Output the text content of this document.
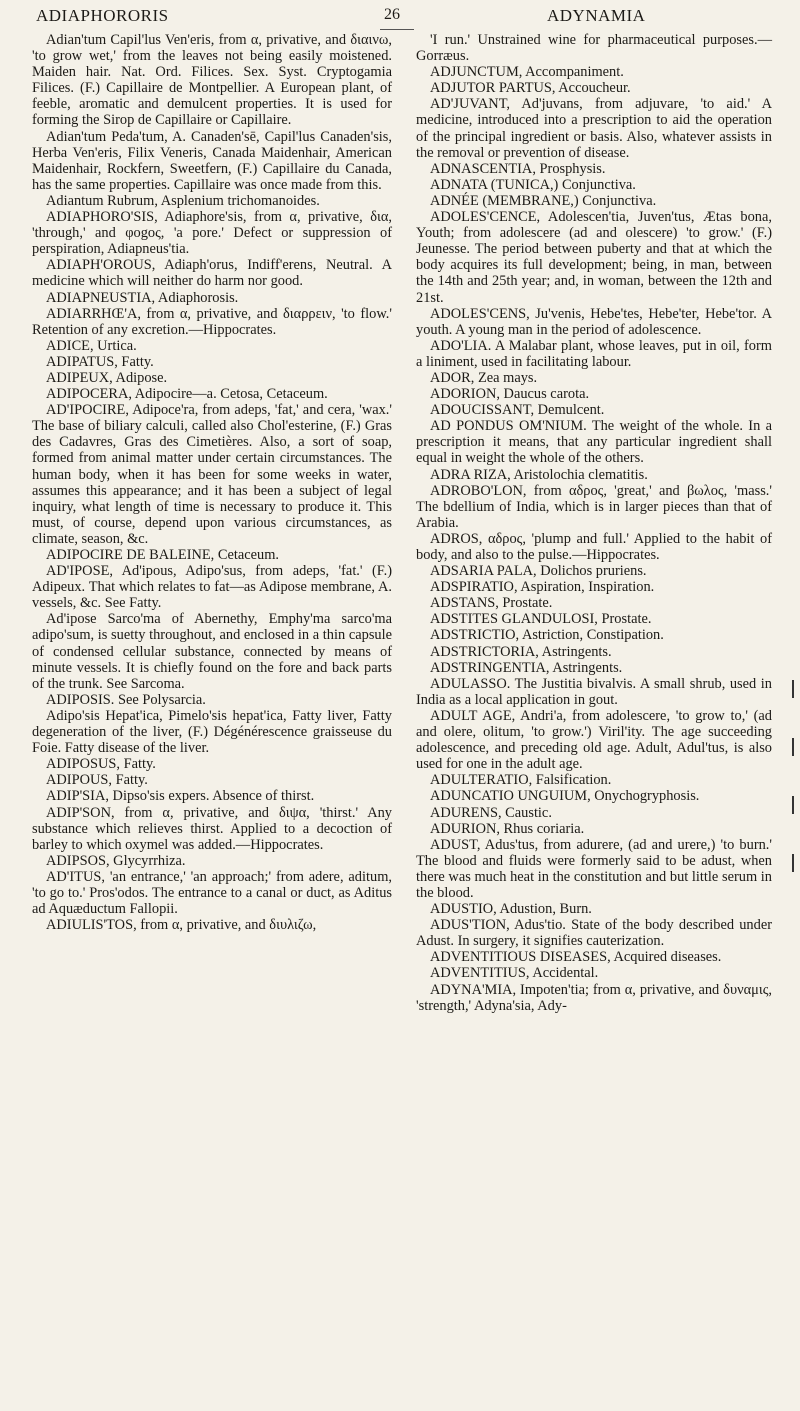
ADIAPHORORIS	26	ADYNAMIA
Adian'tum Capil'lus Ven'eris, from α, privative, and διαινω, 'to grow wet,' from the leaves not being easily moistened. Maiden hair. Nat. Ord. Filices. Sex. Syst. Cryptogamia Filices. (F.) Capillaire de Montpellier. A European plant, of feeble, aromatic and demulcent properties. It is used for forming the Sirop de Capillaire or Capillaire.
Adian'tum Peda'tum, A. Canaden'sē, Capil'lus Canaden'sis, Herba Ven'eris, Filix Veneris, Canada Maidenhair, American Maidenhair, Rockfern, Sweetfern, (F.) Capillaire du Canada, has the same properties. Capillaire was once made from this.
Adiantum Rubrum, Asplenium trichomanoides.
ADIAPHORO'SIS, Adiaphore'sis, from α, privative, δια, 'through,' and φοgος, 'a pore.' Defect or suppression of perspiration, Adiapneus'tia.
ADIAPH'OROUS, Adiaph'orus, Indiff'erens, Neutral. A medicine which will neither do harm nor good.
ADIAPNEUSTIA, Adiaphorosis.
ADIARRHŒ'A, from α, privative, and διαρρειν, 'to flow.' Retention of any excretion.—Hippocrates.
ADICE, Urtica.
ADIPATUS, Fatty.
ADIPEUX, Adipose.
ADIPOCERA, Adipocire—a. Cetosa, Cetaceum.
AD'IPOCIRE, Adipoce'ra, from adeps, 'fat,' and cera, 'wax.' The base of biliary calculi, called also Chol'esterine, (F.) Gras des Cadavres, Gras des Cimetières. Also, a sort of soap, formed from animal matter under certain circumstances. The human body, when it has been for some weeks in water, assumes this appearance; and it has been a subject of legal inquiry, what length of time is necessary to produce it. This must, of course, depend upon various circumstances, as climate, season, &c.
ADIPOCIRE DE BALEINE, Cetaceum.
AD'IPOSE, Ad'ipous, Adipo'sus, from adeps, 'fat.' (F.) Adipeux. That which relates to fat—as Adipose membrane, A. vessels, &c. See Fatty.
Ad'ipose Sarco'ma of Abernethy, Emphy'ma sarco'ma adipo'sum, is suetty throughout, and enclosed in a thin capsule of condensed cellular substance, connected by means of minute vessels. It is chiefly found on the fore and back parts of the trunk. See Sarcoma.
ADIPOSIS. See Polysarcia.
Adipo'sis Hepat'ica, Pimelo'sis hepat'ica, Fatty liver, Fatty degeneration of the liver, (F.) Dégénérescence graisseuse du Foie. Fatty disease of the liver.
ADIPOSUS, Fatty.
ADIPOUS, Fatty.
ADIP'SIA, Dipso'sis expers. Absence of thirst.
ADIP'SON, from α, privative, and διψα, 'thirst.' Any substance which relieves thirst. Applied to a decoction of barley to which oxymel was added.—Hippocrates.
ADIPSOS, Glycyrrhiza.
AD'ITUS, 'an entrance,' 'an approach;' from adere, aditum, 'to go to.' Pros'odos. The entrance to a canal or duct, as Aditus ad Aquæductum Fallopii.
ADIULIS'TOS, from α, privative, and διυλιζω,
'I run.' Unstrained wine for pharmaceutical purposes.—Gorræus.
ADJUNCTUM, Accompaniment.
ADJUTOR PARTUS, Accoucheur.
AD'JUVANT, Ad'juvans, from adjuvare, 'to aid.' A medicine, introduced into a prescription to aid the operation of the principal ingredient or basis. Also, whatever assists in the removal or prevention of disease.
ADNASCENTIA, Prosphysis.
ADNATA (TUNICA,) Conjunctiva.
ADNÉE (MEMBRANE,) Conjunctiva.
ADOLES'CENCE, Adolescen'tia, Juven'tus, Ætas bona, Youth; from adolescere (ad and olescere) 'to grow.' (F.) Jeunesse. The period between puberty and that at which the body acquires its full development; being, in man, between the 14th and 25th year; and, in woman, between the 12th and 21st.
ADOLES'CENS, Ju'venis, Hebe'tes, Hebe'ter, Hebe'tor. A youth. A young man in the period of adolescence.
ADO'LIA. A Malabar plant, whose leaves, put in oil, form a liniment, used in facilitating labour.
ADOR, Zea mays.
ADORION, Daucus carota.
ADOUCISSANT, Demulcent.
AD PONDUS OM'NIUM. The weight of the whole. In a prescription it means, that any particular ingredient shall equal in weight the whole of the others.
ADRA RIZA, Aristolochia clematitis.
ADROBO'LON, from αδρος, 'great,' and βωλος, 'mass.' The bdellium of India, which is in larger pieces than that of Arabia.
ADROS, αδρος, 'plump and full.' Applied to the habit of body, and also to the pulse.—Hippocrates.
ADSARIA PALA, Dolichos pruriens.
ADSPIRATIO, Aspiration, Inspiration.
ADSTANS, Prostate.
ADSTITES GLANDULOSI, Prostate.
ADSTRICTIO, Astriction, Constipation.
ADSTRICTORIA, Astringents.
ADSTRINGENTIA, Astringents.
ADULASSO. The Justitia bivalvis. A small shrub, used in India as a local application in gout.
ADULT AGE, Andri'a, from adolescere, 'to grow to,' (ad and olere, olitum, 'to grow.') Viril'ity. The age succeeding adolescence, and preceding old age. Adult, Adul'tus, is also used for one in the adult age.
ADULTERATIO, Falsification.
ADUNCATIO UNGUIUM, Onychogryphosis.
ADURENS, Caustic.
ADURION, Rhus coriaria.
ADUST, Adus'tus, from adurere, (ad and urere,) 'to burn.' The blood and fluids were formerly said to be adust, when there was much heat in the constitution and but little serum in the blood.
ADUSTIO, Adustion, Burn.
ADUS'TION, Adus'tio. State of the body described under Adust. In surgery, it signifies cauterization.
ADVENTITIOUS DISEASES, Acquired diseases.
ADVENTITIUS, Accidental.
ADYNA'MIA, Impoten'tia; from α, privative, and δυναμις, 'strength,' Adyna'sia, Ady-
